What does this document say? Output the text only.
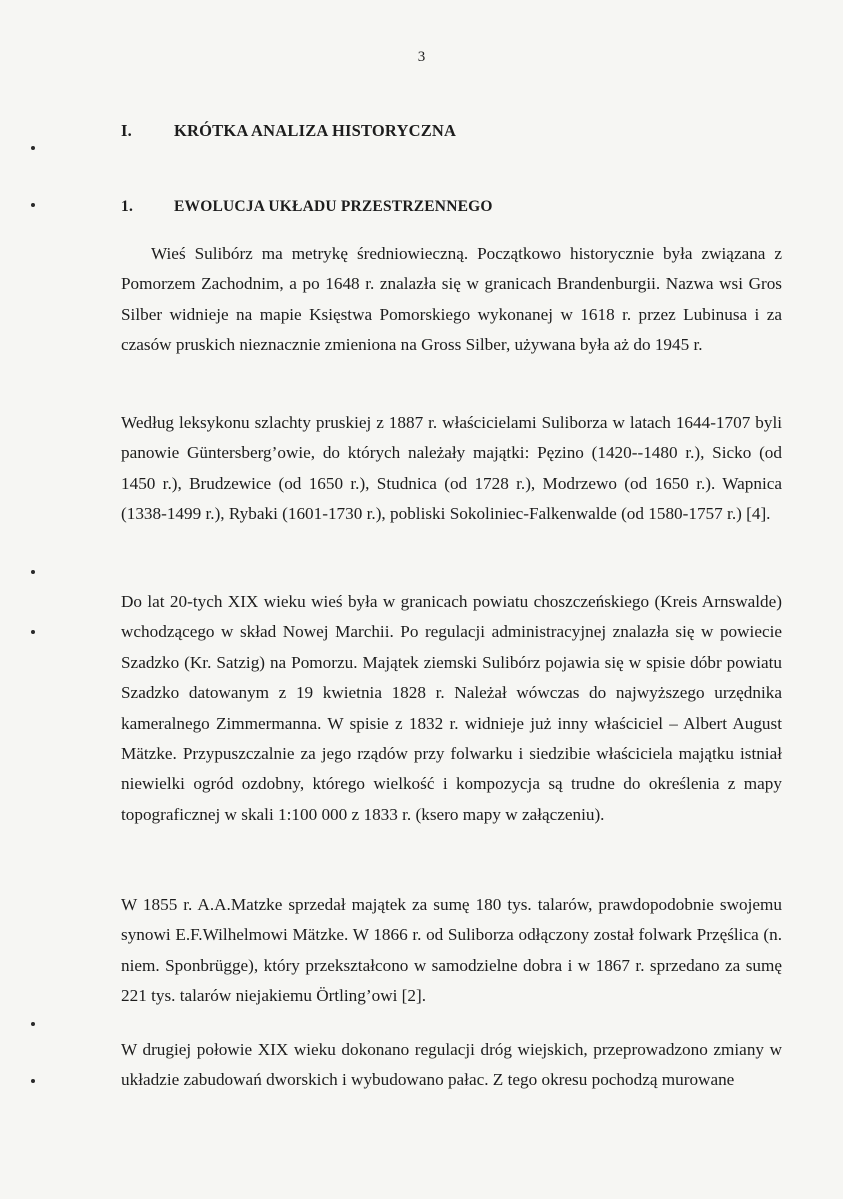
3
I.	KRÓTKA ANALIZA HISTORYCZNA
1.	EWOLUCJA UKŁADU PRZESTRZENNEGO

Wieś Sulibórz ma metrykę średniowieczną. Początkowo historycznie była związana z Pomorzem Zachodnim, a po 1648 r. znalazła się w granicach Brandenburgii. Nazwa wsi Gros Silber widnieje na mapie Księstwa Pomorskiego wykonanej w 1618 r. przez Lubinusa i za czasów pruskich nieznacznie zmieniona na Gross Silber, używana była aż do 1945 r.

Według leksykonu szlachty pruskiej z 1887 r. właścicielami Suliborza w latach 1644-1707 byli panowie Güntersberg’owie, do których należały majątki: Pęzino (1420--1480 r.), Sicko (od 1450 r.), Brudzewice (od 1650 r.), Studnica (od 1728 r.), Modrzewo (od 1650 r.). Wapnica (1338-1499 r.), Rybaki (1601-1730 r.), pobliski Sokoliniec-Falkenwalde (od 1580-1757 r.) [4].

Do lat 20-tych XIX wieku wieś była w granicach powiatu choszczeńskiego (Kreis Arnswalde) wchodzącego w skład Nowej Marchii. Po regulacji administracyjnej znalazła się w powiecie Szadzko (Kr. Satzig) na Pomorzu. Majątek ziemski Sulibórz pojawia się w spisie dóbr powiatu Szadzko datowanym z 19 kwietnia 1828 r. Należał wówczas do najwyższego urzędnika kameralnego Zimmermanna. W spisie z 1832 r. widnieje już inny właściciel – Albert August Mätzke. Przypuszczalnie za jego rządów przy folwarku i siedzibie właściciela majątku istniał niewielki ogród ozdobny, którego wielkość i kompozycja są trudne do określenia z mapy topograficznej w skali 1:100 000 z 1833 r. (ksero mapy w załączeniu).

W 1855 r. A.A.Matzke sprzedał majątek za sumę 180 tys. talarów, prawdopodobnie swojemu synowi E.F.Wilhelmowi Mätzke. W 1866 r. od Suliborza odłączony został folwark Przęślica (n. niem. Sponbrügge), który przekształcono w samodzielne dobra i w 1867 r. sprzedano za sumę 221 tys. talarów niejakiemu Örtling’owi [2].

W drugiej połowie XIX wieku dokonano regulacji dróg wiejskich, przeprowadzono zmiany w układzie zabudowań dworskich i wybudowano pałac. Z tego okresu pochodzą murowane
